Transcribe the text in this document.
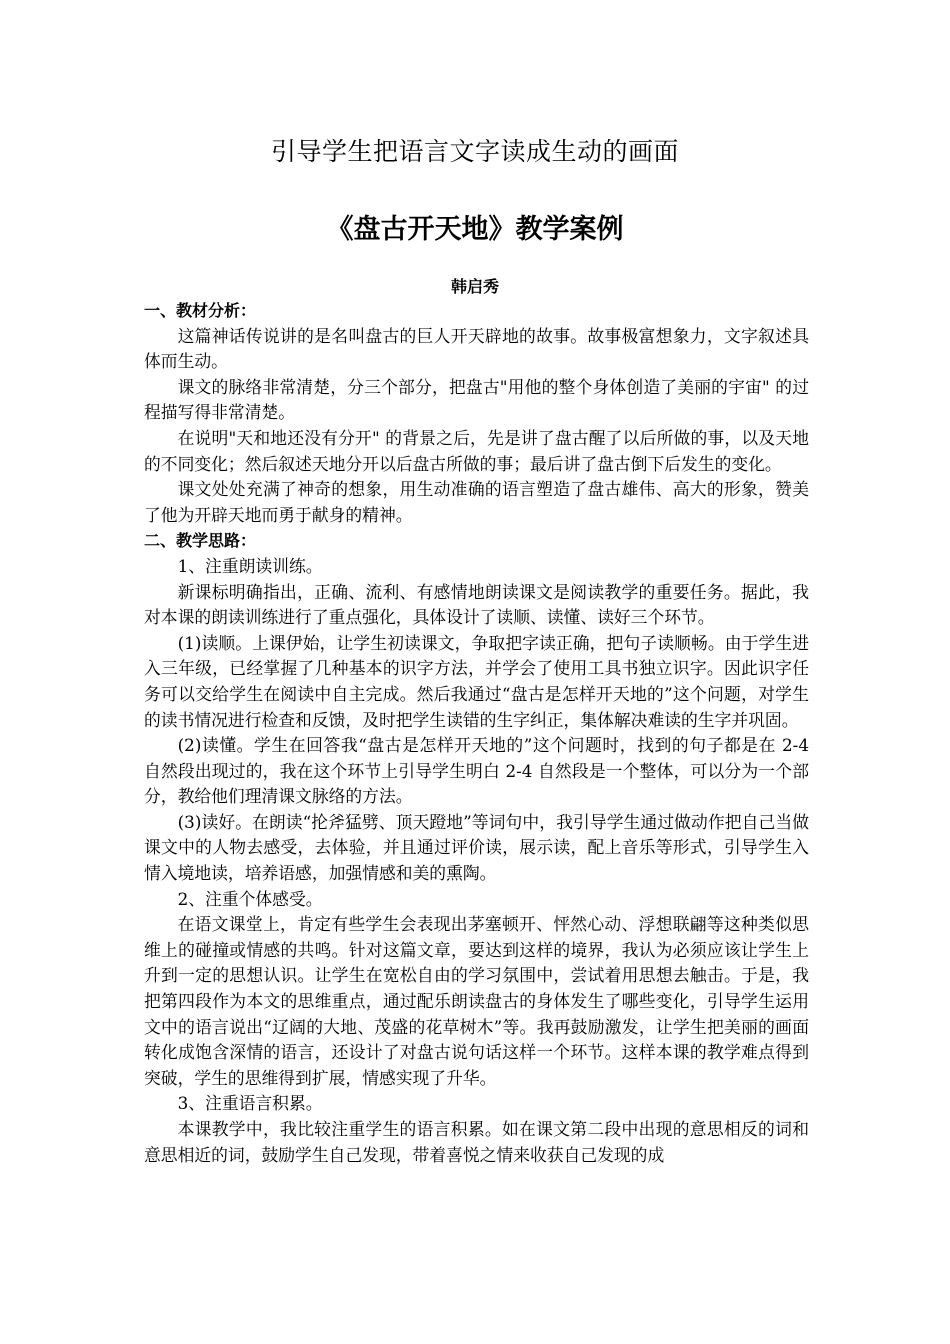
引导学生把语言文字读成生动的画面
《盘古开天地》教学案例
韩启秀

一、教材分析：

这篇神话传说讲的是名叫盘古的巨人开天辟地的故事。故事极富想象力，文字叙述具体而生动。

课文的脉络非常清楚，分三个部分，把盘古"用他的整个身体创造了美丽的宇宙" 的过程描写得非常清楚。

在说明"天和地还没有分开" 的背景之后，先是讲了盘古醒了以后所做的事，以及天地的不同变化；然后叙述天地分开以后盘古所做的事；最后讲了盘古倒下后发生的变化。

课文处处充满了神奇的想象，用生动准确的语言塑造了盘古雄伟、高大的形象，赞美了他为开辟天地而勇于献身的精神。

二、教学思路：

1、注重朗读训练。

新课标明确指出，正确、流利、有感情地朗读课文是阅读教学的重要任务。据此，我对本课的朗读训练进行了重点强化，具体设计了读顺、读懂、读好三个环节。

(1)读顺。上课伊始，让学生初读课文，争取把字读正确，把句子读顺畅。由于学生进入三年级，已经掌握了几种基本的识字方法，并学会了使用工具书独立识字。因此识字任务可以交给学生在阅读中自主完成。然后我通过“盘古是怎样开天地的”这个问题，对学生的读书情况进行检查和反馈，及时把学生读错的生字纠正，集体解决难读的生字并巩固。

(2)读懂。学生在回答我“盘古是怎样开天地的”这个问题时，找到的句子都是在 2-4 自然段出现过的，我在这个环节上引导学生明白 2-4 自然段是一个整体，可以分为一个部分，教给他们理清课文脉络的方法。

(3)读好。在朗读“抡斧猛劈、顶天蹬地”等词句中，我引导学生通过做动作把自己当做课文中的人物去感受，去体验，并且通过评价读，展示读，配上音乐等形式，引导学生入情入境地读，培养语感，加强情感和美的熏陶。

2、注重个体感受。

在语文课堂上，肯定有些学生会表现出茅塞顿开、怦然心动、浮想联翩等这种类似思维上的碰撞或情感的共鸣。针对这篇文章，要达到这样的境界，我认为必须应该让学生上升到一定的思想认识。让学生在宽松自由的学习氛围中，尝试着用思想去触击。于是，我把第四段作为本文的思维重点，通过配乐朗读盘古的身体发生了哪些变化，引导学生运用文中的语言说出“辽阔的大地、茂盛的花草树木”等。我再鼓励激发，让学生把美丽的画面转化成饱含深情的语言，还设计了对盘古说句话这样一个环节。这样本课的教学难点得到突破，学生的思维得到扩展，情感实现了升华。

3、注重语言积累。

本课教学中，我比较注重学生的语言积累。如在课文第二段中出现的意思相反的词和意思相近的词，鼓励学生自己发现，带着喜悦之情来收获自己发现的成
